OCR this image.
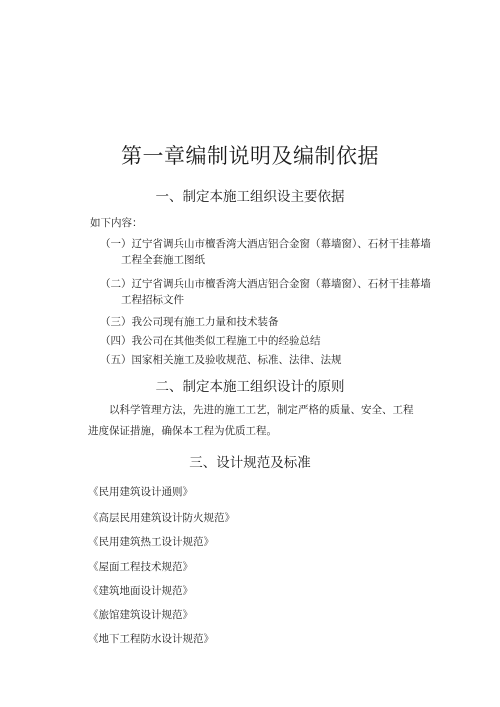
第一章编制说明及编制依据
一、制定本施工组织设主要依据
如下内容：
（一）辽宁省调兵山市檀香湾大酒店铝合金窗（幕墙窗）、石材干挂幕墙
工程全套施工图纸
（二）辽宁省调兵山市檀香湾大酒店铝合金窗（幕墙窗）、石材干挂幕墙
工程招标文件
（三）我公司现有施工力量和技术装备
（四）我公司在其他类似工程施工中的经验总结
（五）国家相关施工及验收规范、标准、法律、法规
二、制定本施工组织设计的原则

以科学管理方法，先进的施工工艺，制定严格的质量、安全、工程进度保证措施，确保本工程为优质工程。

三、设计规范及标准
《民用建筑设计通则》
《高层民用建筑设计防火规范》
《民用建筑热工设计规范》
《屋面工程技术规范》
《建筑地面设计规范》
《旅馆建筑设计规范》
《地下工程防水设计规范》
